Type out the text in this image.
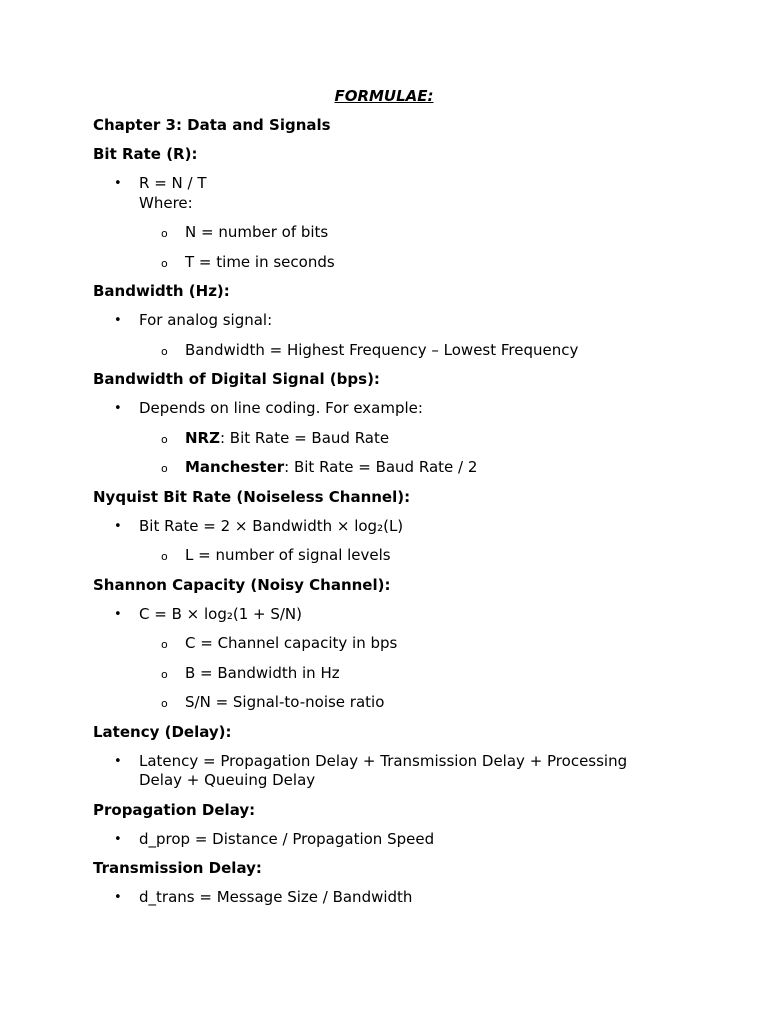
FORMULAE:
Chapter 3: Data and Signals
Bit Rate (R):
• R = N / T
Where:
o N = number of bits
o T = time in seconds
Bandwidth (Hz):
• For analog signal:
o Bandwidth = Highest Frequency – Lowest Frequency
Bandwidth of Digital Signal (bps):
• Depends on line coding. For example:
o NRZ: Bit Rate = Baud Rate
o Manchester: Bit Rate = Baud Rate / 2
Nyquist Bit Rate (Noiseless Channel):
• Bit Rate = 2 × Bandwidth × log₂(L)
o L = number of signal levels
Shannon Capacity (Noisy Channel):
• C = B × log₂(1 + S/N)
o C = Channel capacity in bps
o B = Bandwidth in Hz
o S/N = Signal-to-noise ratio
Latency (Delay):
• Latency = Propagation Delay + Transmission Delay + Processing Delay + Queuing Delay
Propagation Delay:
• d_prop = Distance / Propagation Speed
Transmission Delay:
• d_trans = Message Size / Bandwidth
